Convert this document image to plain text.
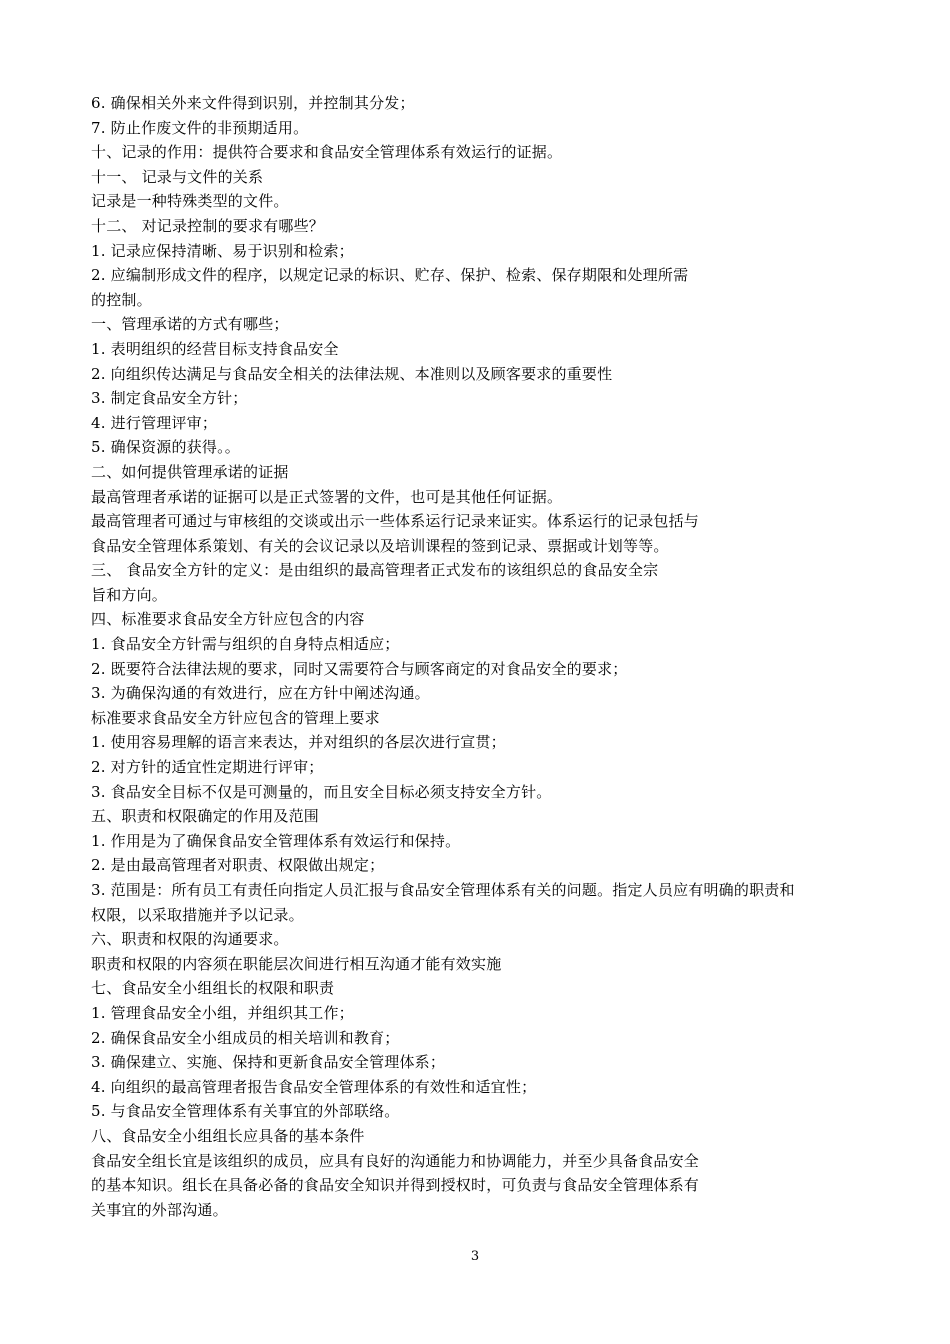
6. 确保相关外来文件得到识别，并控制其分发；
7. 防止作废文件的非预期适用。
十、记录的作用：提供符合要求和食品安全管理体系有效运行的证据。
十一、 记录与文件的关系
记录是一种特殊类型的文件。
十二、 对记录控制的要求有哪些？
1. 记录应保持清晰、易于识别和检索；
2. 应编制形成文件的程序，以规定记录的标识、贮存、保护、检索、保存期限和处理所需
的控制。
一、管理承诺的方式有哪些；
1. 表明组织的经营目标支持食品安全
2. 向组织传达满足与食品安全相关的法律法规、本准则以及顾客要求的重要性
3. 制定食品安全方针；
4. 进行管理评审；
5. 确保资源的获得。。
二、如何提供管理承诺的证据
最高管理者承诺的证据可以是正式签署的文件，也可是其他任何证据。
最高管理者可通过与审核组的交谈或出示一些体系运行记录来证实。体系运行的记录包括与
食品安全管理体系策划、有关的会议记录以及培训课程的签到记录、票据或计划等等。
三、 食品安全方针的定义：是由组织的最高管理者正式发布的该组织总的食品安全宗
旨和方向。
四、标准要求食品安全方针应包含的内容
1. 食品安全方针需与组织的自身特点相适应；
2. 既要符合法律法规的要求，同时又需要符合与顾客商定的对食品安全的要求；
3. 为确保沟通的有效进行，应在方针中阐述沟通。
标准要求食品安全方针应包含的管理上要求
1. 使用容易理解的语言来表达，并对组织的各层次进行宣贯；
2. 对方针的适宜性定期进行评审；
3. 食品安全目标不仅是可测量的，而且安全目标必须支持安全方针。
五、职责和权限确定的作用及范围
1. 作用是为了确保食品安全管理体系有效运行和保持。
2. 是由最高管理者对职责、权限做出规定；
3. 范围是：所有员工有责任向指定人员汇报与食品安全管理体系有关的问题。指定人员应有明确的职责和
权限，以采取措施并予以记录。
六、职责和权限的沟通要求。
职责和权限的内容须在职能层次间进行相互沟通才能有效实施
七、食品安全小组组长的权限和职责
1. 管理食品安全小组，并组织其工作；
2. 确保食品安全小组成员的相关培训和教育；
3. 确保建立、实施、保持和更新食品安全管理体系；
4. 向组织的最高管理者报告食品安全管理体系的有效性和适宜性；
5. 与食品安全管理体系有关事宜的外部联络。
八、食品安全小组组长应具备的基本条件
食品安全组长宜是该组织的成员，应具有良好的沟通能力和协调能力，并至少具备食品安全
的基本知识。组长在具备必备的食品安全知识并得到授权时，可负责与食品安全管理体系有
关事宜的外部沟通。
3
